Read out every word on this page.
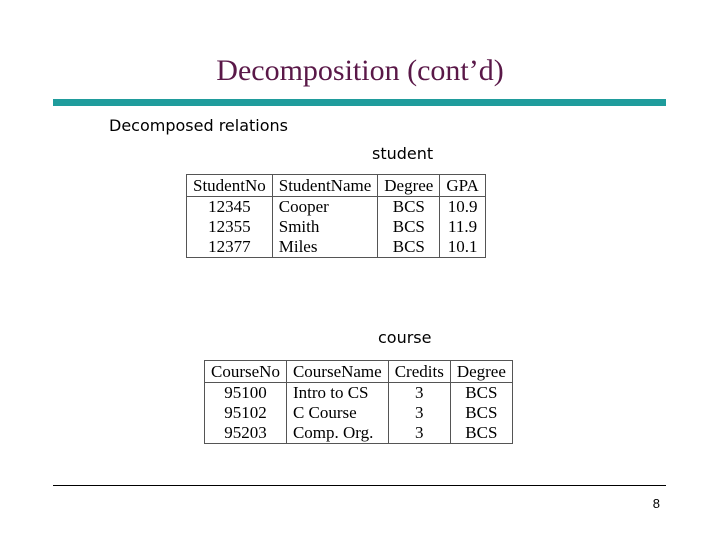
Decomposition (cont’d)
Decomposed relations
student
StudentNo	StudentName	Degree	GPA
12345	Cooper	BCS	10.9
12355	Smith	BCS	11.9
12377	Miles	BCS	10.1
course
CourseNo	CourseName	Credits	Degree
95100	Intro to CS	3	BCS
95102	C Course	3	BCS
95203	Comp. Org.	3	BCS
8
